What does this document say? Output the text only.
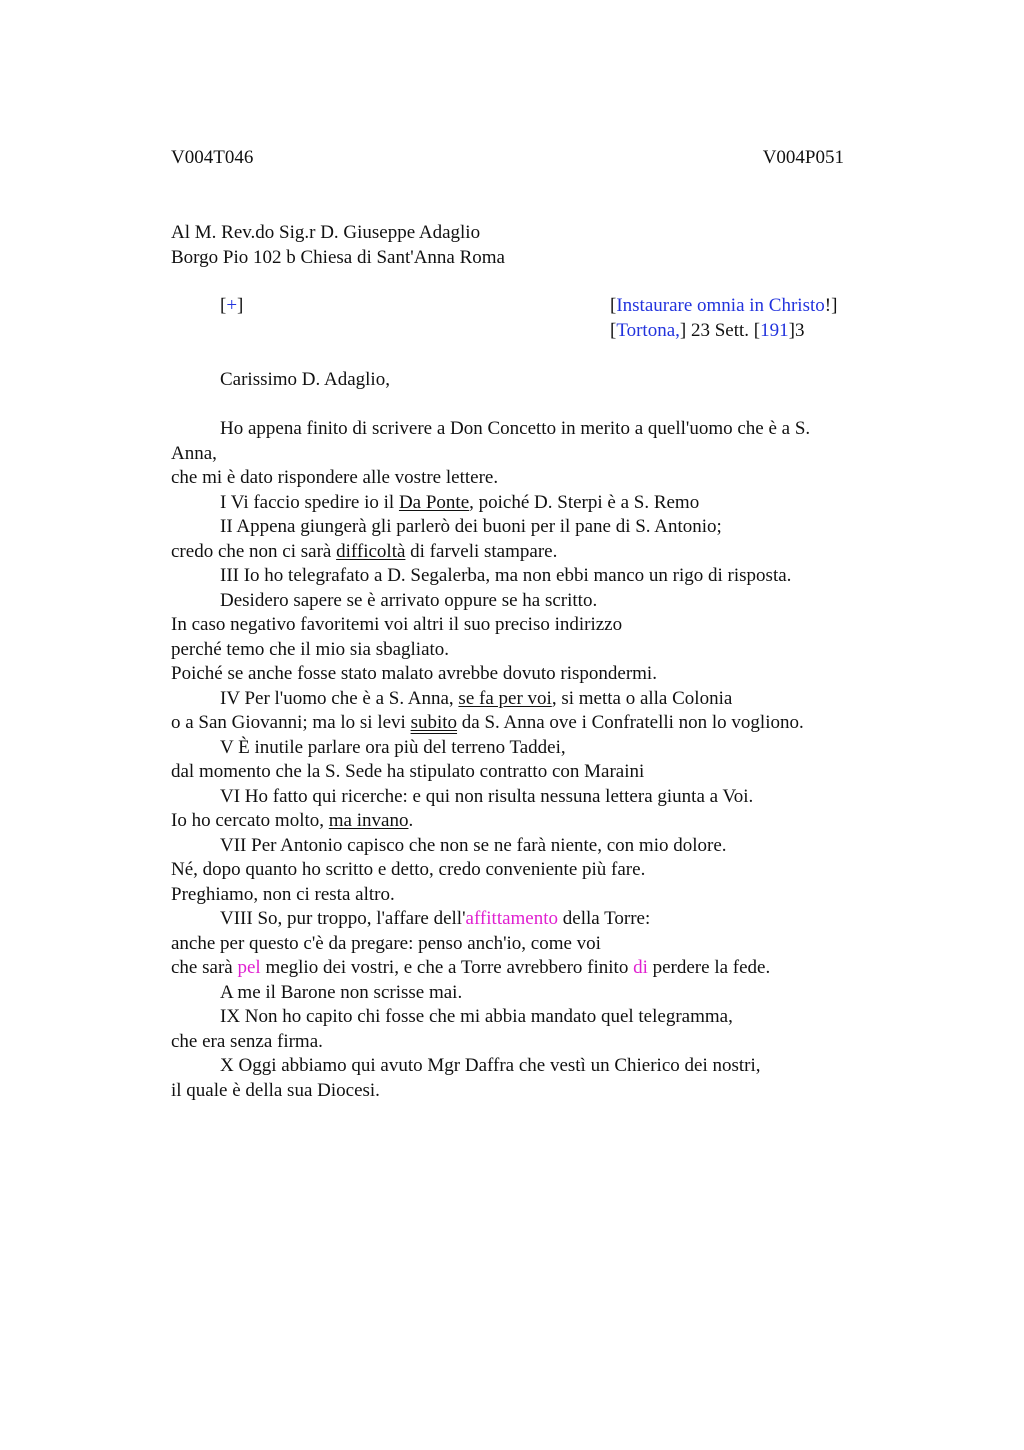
V004T046	V004P051
Al M. Rev.do Sig.r D. Giuseppe Adaglio
Borgo Pio 102 b Chiesa di Sant'Anna Roma
[+]	[Instaurare omnia in Christo!]
[Tortona,] 23 Sett. [191]3
Carissimo D. Adaglio,
Ho appena finito di scrivere a Don Concetto in merito a quell'uomo che è a S.
Anna,
che mi è dato rispondere alle vostre lettere.
I Vi faccio spedire io il Da Ponte, poiché D. Sterpi è a S. Remo
II Appena giungerà gli parlerò dei buoni per il pane di S. Antonio;
credo che non ci sarà difficoltà di farveli stampare.
III Io ho telegrafato a D. Segalerba, ma non ebbi manco un rigo di risposta.
Desidero sapere se è arrivato oppure se ha scritto.
In caso negativo favoritemi voi altri il suo preciso indirizzo
perché temo che il mio sia sbagliato.
Poiché se anche fosse stato malato avrebbe dovuto rispondermi.
IV Per l'uomo che è a S. Anna, se fa per voi, si metta o alla Colonia
o a San Giovanni; ma lo si levi subito da S. Anna ove i Confratelli non lo vogliono.
V È inutile parlare ora più del terreno Taddei,
dal momento che la S. Sede ha stipulato contratto con Maraini
VI Ho fatto qui ricerche: e qui non risulta nessuna lettera giunta a Voi.
Io ho cercato molto, ma invano.
VII Per Antonio capisco che non se ne farà niente, con mio dolore.
Né, dopo quanto ho scritto e detto, credo conveniente più fare.
Preghiamo, non ci resta altro.
VIII So, pur troppo, l'affare dell'affittamento della Torre:
anche per questo c'è da pregare: penso anch'io, come voi
che sarà pel meglio dei vostri, e che a Torre avrebbero finito di perdere la fede.
A me il Barone non scrisse mai.
IX Non ho capito chi fosse che mi abbia mandato quel telegramma,
che era senza firma.
X Oggi abbiamo qui avuto Mgr Daffra che vestì un Chierico dei nostri,
il quale è della sua Diocesi.
